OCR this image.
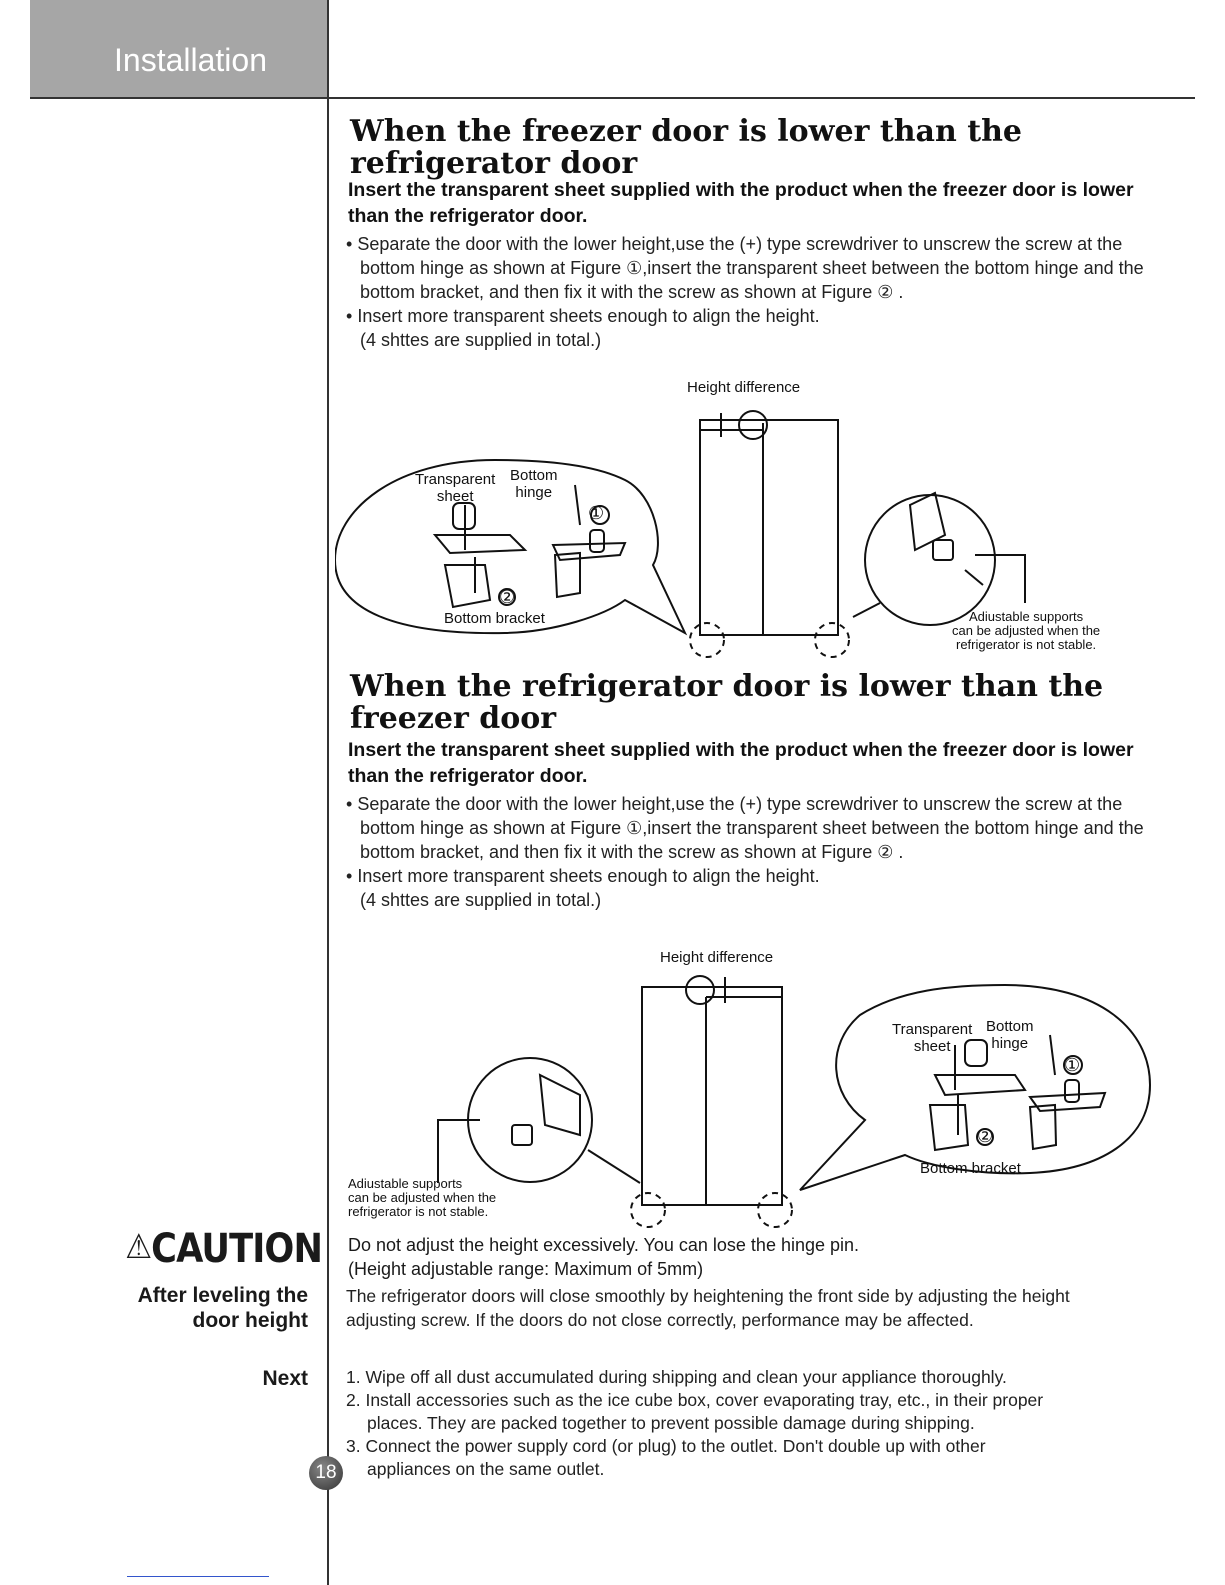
Installation
When the freezer door is lower than the refrigerator door
Insert the transparent sheet supplied with the product when the freezer door is lower than the refrigerator door.
• Separate the door with the lower height,use the (+) type screwdriver to unscrew the screw at the bottom hinge as shown at Figure ①,insert the transparent sheet between the bottom hinge and the bottom bracket, and then fix it with the screw as shown at Figure ② .
• Insert more transparent sheets enough to align the height.
(4 shttes are supplied in total.)
Height difference
Transparent
sheet
Bottom
hinge
Bottom bracket
①
②
Adiustable supports
can be adjusted when the
refrigerator is not stable.
When the refrigerator door is lower than the freezer door
Insert the transparent sheet supplied with the product when the freezer door is lower than the refrigerator door.
• Separate the door with the lower height,use the (+) type screwdriver to unscrew the screw at the bottom hinge as shown at Figure ①,insert the transparent sheet between the bottom hinge and the bottom bracket, and then fix it with the screw as shown at Figure ② .
• Insert more transparent sheets enough to align the height.
(4 shttes are supplied in total.)
Height difference
Transparent
sheet
Bottom
hinge
Bottom bracket
①
②
Adiustable supports
can be adjusted when the
refrigerator is not stable.
⚠CAUTION Do not adjust the height excessively. You can lose the hinge pin.
(Height adjustable range: Maximum of 5mm)
After leveling the door height
The refrigerator doors will close smoothly by heightening the front side by adjusting the height adjusting screw. If the doors do not close correctly, performance may be affected.
Next 1. Wipe off all dust accumulated during shipping and clean your appliance thoroughly.
2. Install accessories such as the ice cube box, cover evaporating tray, etc., in their proper places. They are packed together to prevent possible damage during shipping.
3. Connect the power supply cord (or plug) to the outlet. Don't double up with other appliances on the same outlet.
18
